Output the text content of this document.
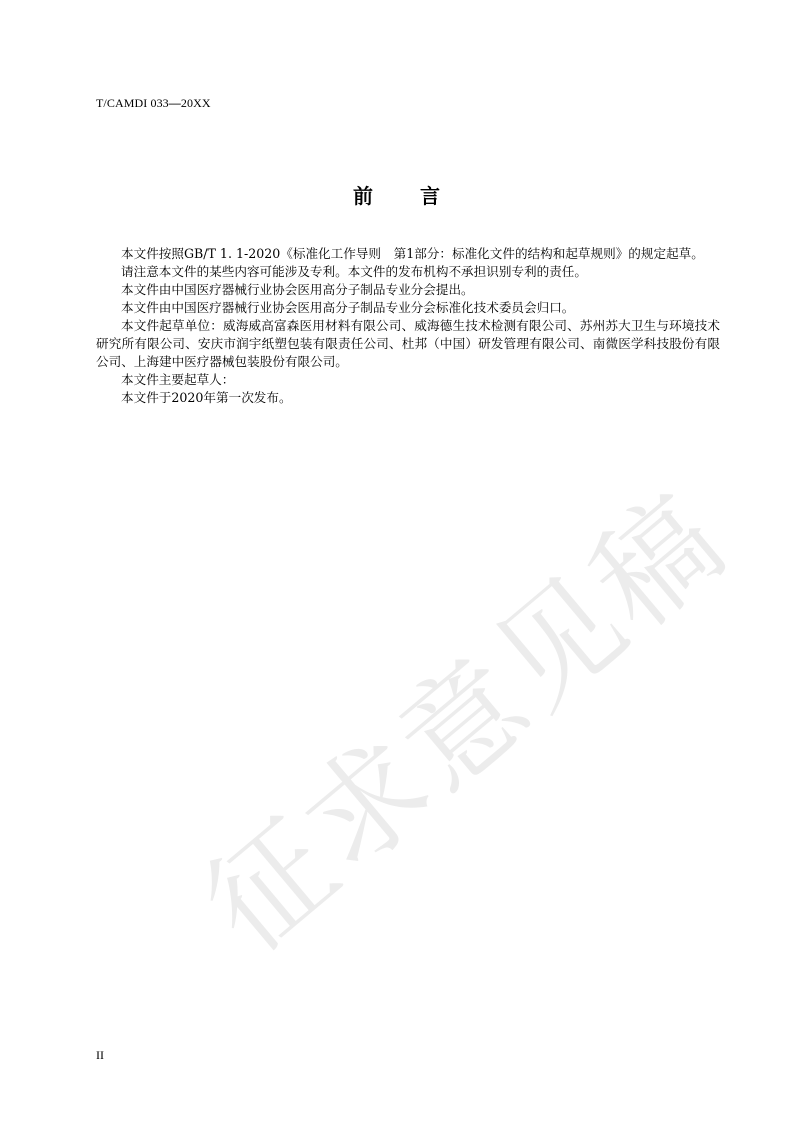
T/CAMDI 033—20XX
前 言

本文件按照GB/T 1. 1-2020《标准化工作导则　第1部分：标准化文件的结构和起草规则》的规定起草。

请注意本文件的某些内容可能涉及专利。本文件的发布机构不承担识别专利的责任。

本文件由中国医疗器械行业协会医用高分子制品专业分会提出。

本文件由中国医疗器械行业协会医用高分子制品专业分会标准化技术委员会归口。

本文件起草单位：威海威高富森医用材料有限公司、威海德生技术检测有限公司、苏州苏大卫生与环境技术研究所有限公司、安庆市润宇纸塑包装有限责任公司、杜邦（中国）研发管理有限公司、南微医学科技股份有限公司、上海建中医疗器械包装股份有限公司。

本文件主要起草人：

本文件于2020年第一次发布。

征求意见稿
II
